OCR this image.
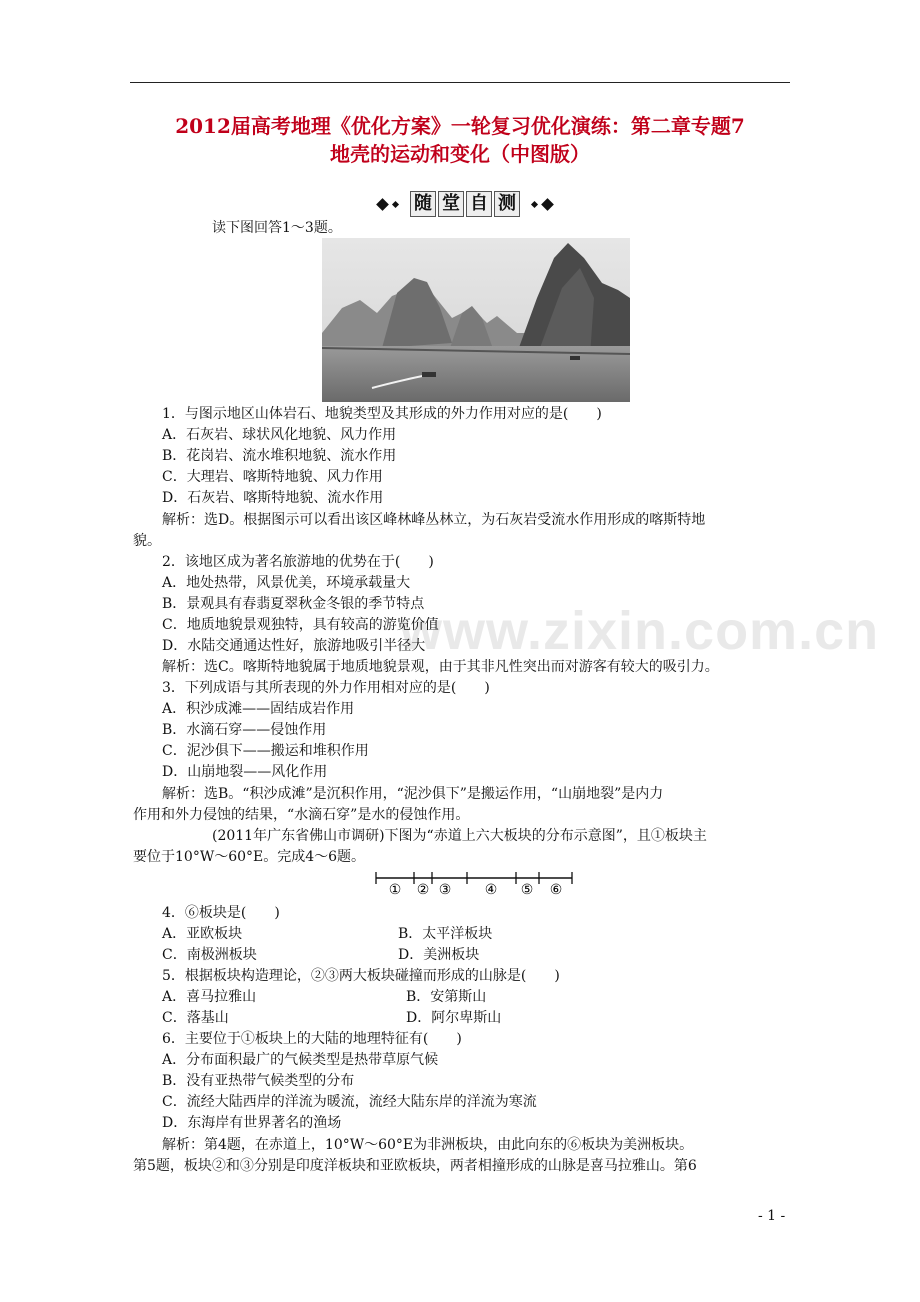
2012届高考地理《优化方案》一轮复习优化演练：第二章专题7
地壳的运动和变化（中图版）
随 堂 自 测
www.zixin.com.cn
读下图回答1～3题。
1．与图示地区山体岩石、地貌类型及其形成的外力作用对应的是(　　)
A．石灰岩、球状风化地貌、风力作用
B．花岗岩、流水堆积地貌、流水作用
C．大理岩、喀斯特地貌、风力作用
D．石灰岩、喀斯特地貌、流水作用
解析：选D。根据图示可以看出该区峰林峰丛林立，为石灰岩受流水作用形成的喀斯特地
貌。
2．该地区成为著名旅游地的优势在于(　　)
A．地处热带，风景优美，环境承载量大
B．景观具有春翡夏翠秋金冬银的季节特点
C．地质地貌景观独特，具有较高的游览价值
D．水陆交通通达性好，旅游地吸引半径大
解析：选C。喀斯特地貌属于地质地貌景观，由于其非凡性突出而对游客有较大的吸引力。
3．下列成语与其所表现的外力作用相对应的是(　　)
A．积沙成滩——固结成岩作用
B．水滴石穿——侵蚀作用
C．泥沙俱下——搬运和堆积作用
D．山崩地裂——风化作用
解析：选B。“积沙成滩”是沉积作用，“泥沙俱下”是搬运作用，“山崩地裂”是内力
作用和外力侵蚀的结果，“水滴石穿”是水的侵蚀作用。
(2011年广东省佛山市调研)下图为“赤道上六大板块的分布示意图”，且①板块主
要位于10°W～60°E。完成4～6题。
① ② ③ ④ ⑤ ⑥
4．⑥板块是(　　)
A．亚欧板块	B．太平洋板块
C．南极洲板块	D．美洲板块
5．根据板块构造理论，②③两大板块碰撞而形成的山脉是(　　)
A．喜马拉雅山	B．安第斯山
C．落基山	D．阿尔卑斯山
6．主要位于①板块上的大陆的地理特征有(　　)
A．分布面积最广的气候类型是热带草原气候
B．没有亚热带气候类型的分布
C．流经大陆西岸的洋流为暖流，流经大陆东岸的洋流为寒流
D．东海岸有世界著名的渔场
解析：第4题，在赤道上，10°W～60°E为非洲板块，由此向东的⑥板块为美洲板块。
第5题，板块②和③分别是印度洋板块和亚欧板块，两者相撞形成的山脉是喜马拉雅山。第6
- 1 -
